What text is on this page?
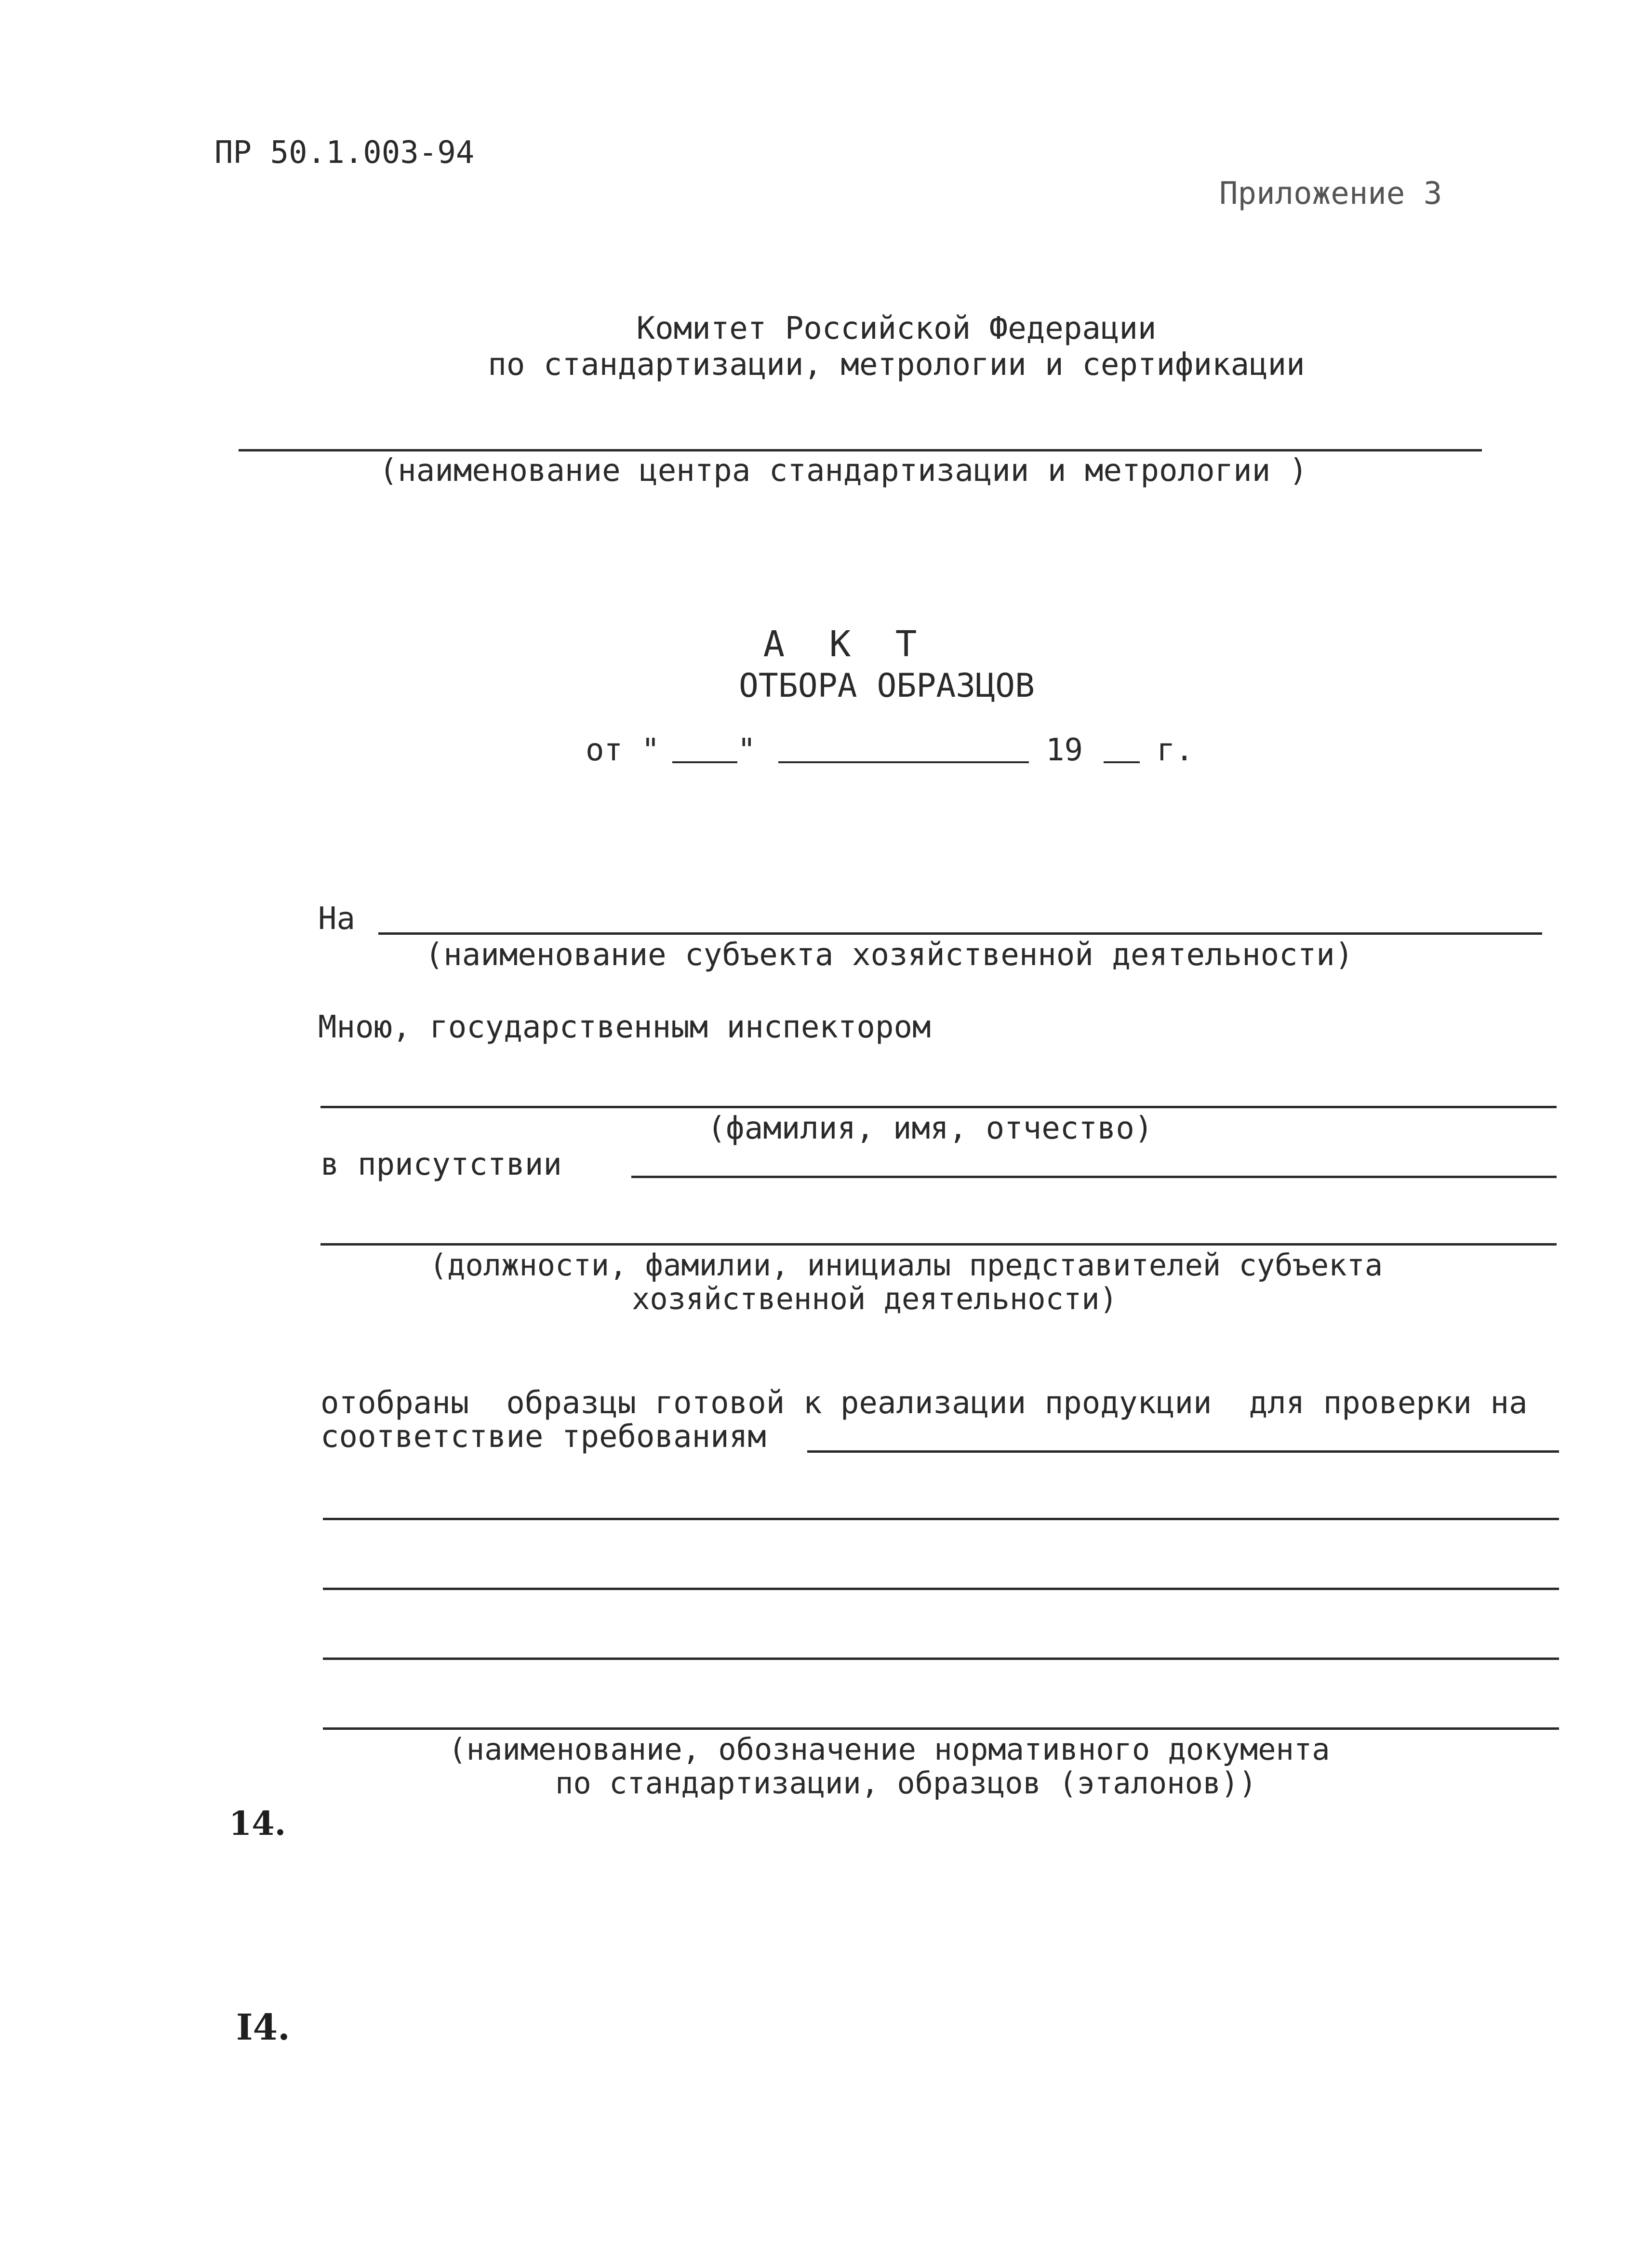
ПР 50.1.003-94
Приложение 3
Комитет Российской Федерации
по стандартизации, метрологии и сертификации
(наименование центра стандартизации и метрологии )
А К Т
ОТБОРА ОБРАЗЦОВ
от "	"	19 г.
На
(наименование субъекта хозяйственной деятельности)
Мною, государственным инспектором
(фамилия, имя, отчество)
в присутствии
(должности, фамилии, инициалы представителей субъекта
хозяйственной деятельности)
отобраны  образцы готовой к реализации продукции  для проверки на
соответствие требованиям
(наименование, обозначение нормативного документа
по стандартизации, образцов (эталонов))
14.
I4.
